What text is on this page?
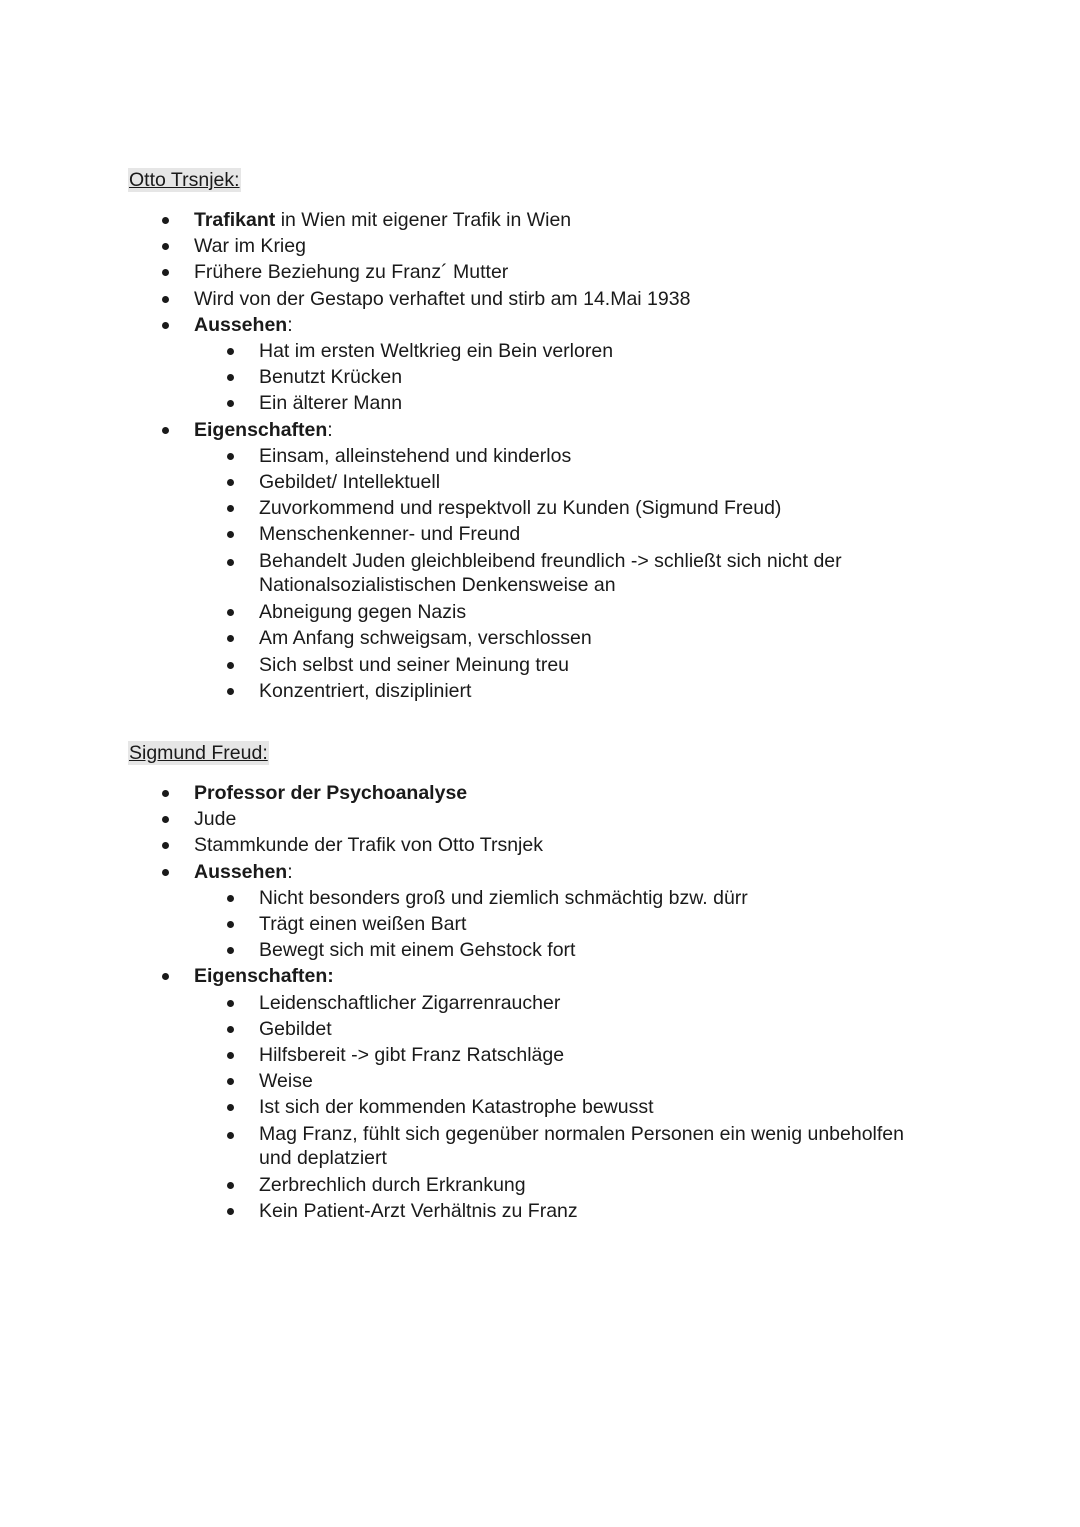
Otto Trsnjek:
Trafikant in Wien mit eigener Trafik in Wien
War im Krieg
Frühere Beziehung zu Franz´ Mutter
Wird von der Gestapo verhaftet und stirb am 14.Mai 1938
Aussehen:
Hat im ersten Weltkrieg ein Bein verloren
Benutzt Krücken
Ein älterer Mann
Eigenschaften:
Einsam, alleinstehend und kinderlos
Gebildet/ Intellektuell
Zuvorkommend und respektvoll zu Kunden (Sigmund Freud)
Menschenkenner- und Freund
Behandelt Juden gleichbleibend freundlich -> schließt sich nicht der Nationalsozialistischen Denkensweise an
Abneigung gegen Nazis
Am Anfang schweigsam, verschlossen
Sich selbst und seiner Meinung treu
Konzentriert, diszipliniert
Sigmund Freud:
Professor der Psychoanalyse
Jude
Stammkunde der Trafik von Otto Trsnjek
Aussehen:
Nicht besonders groß und ziemlich schmächtig bzw. dürr
Trägt einen weißen Bart
Bewegt sich mit einem Gehstock fort
Eigenschaften:
Leidenschaftlicher Zigarrenraucher
Gebildet
Hilfsbereit -> gibt Franz Ratschläge
Weise
Ist sich der kommenden Katastrophe bewusst
Mag Franz, fühlt sich gegenüber normalen Personen ein wenig unbeholfen und deplatziert
Zerbrechlich durch Erkrankung
Kein Patient-Arzt Verhältnis zu Franz
